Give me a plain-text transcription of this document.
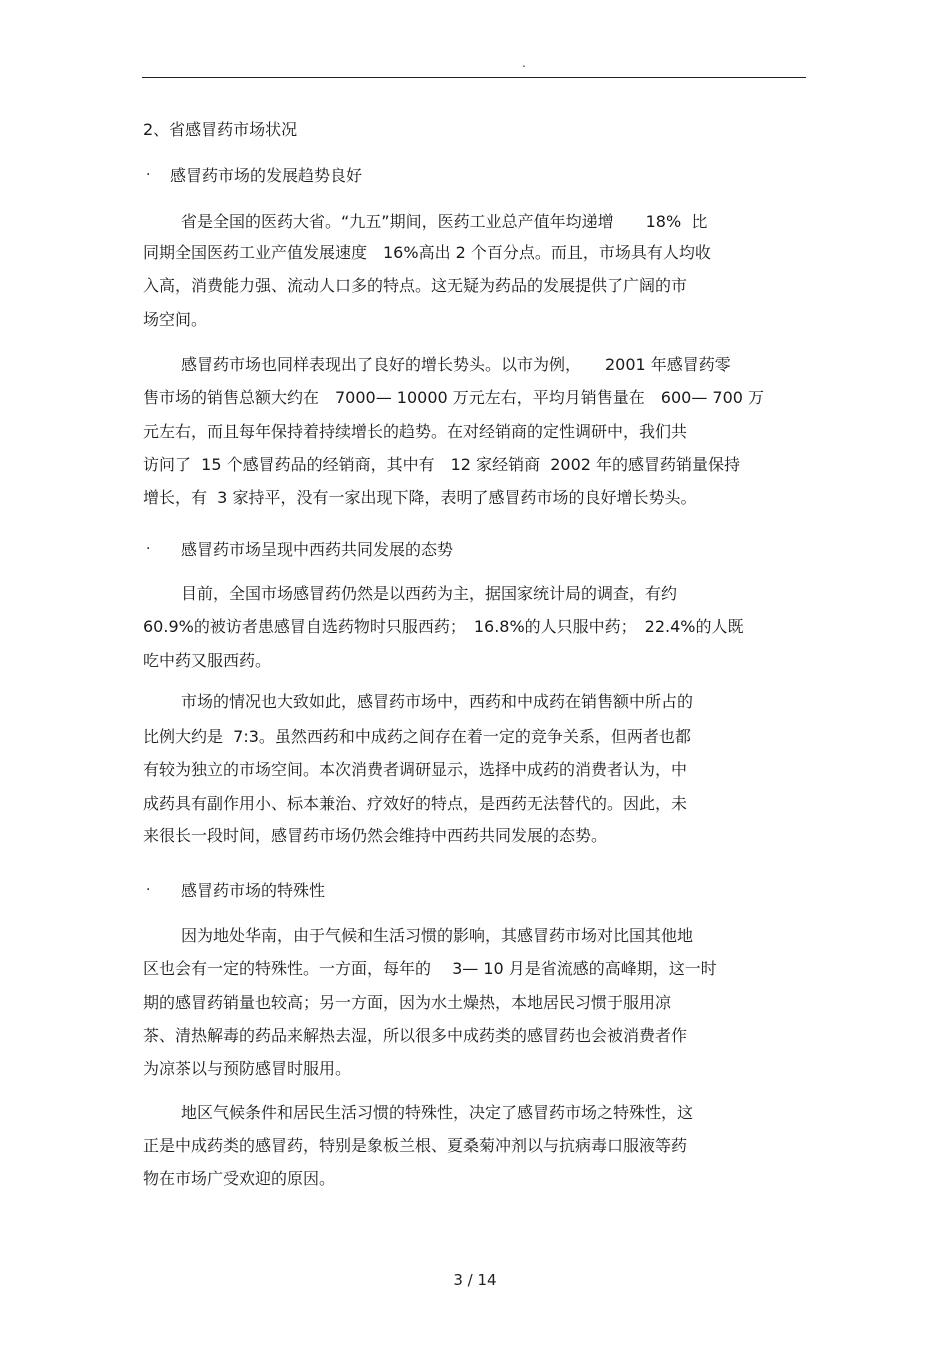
.
2、省感冒药市场状况
· 感冒药市场的发展趋势良好
省是全国的医药大省。“九五”期间，医药工业总产值年均递增　　18%  比
同期全国医药工业产值发展速度　16%高出 2 个百分点。而且，市场具有人均收
入高，消费能力强、流动人口多的特点。这无疑为药品的发展提供了广阔的市
场空间。
感冒药市场也同样表现出了良好的增长势头。以市为例，　　2001 年感冒药零
售市场的销售总额大约在　7000— 10000 万元左右，平均月销售量在　600— 700 万
元左右，而且每年保持着持续增长的趋势。在对经销商的定性调研中，我们共
访问了  15 个感冒药品的经销商，其中有　12 家经销商  2002 年的感冒药销量保持
增长，有  3 家持平，没有一家出现下降，表明了感冒药市场的良好增长势头。
· 感冒药市场呈现中西药共同发展的态势
目前，全国市场感冒药仍然是以西药为主，据国家统计局的调查，有约
60.9%的被访者患感冒自选药物时只服西药；　16.8%的人只服中药；　22.4%的人既
吃中药又服西药。
市场的情况也大致如此，感冒药市场中，西药和中成药在销售额中所占的
比例大约是  7:3。虽然西药和中成药之间存在着一定的竞争关系，但两者也都
有较为独立的市场空间。本次消费者调研显示，选择中成药的消费者认为，中
成药具有副作用小、标本兼治、疗效好的特点，是西药无法替代的。因此，未
来很长一段时间，感冒药市场仍然会维持中西药共同发展的态势。
· 感冒药市场的特殊性
因为地处华南，由于气候和生活习惯的影响，其感冒药市场对比国其他地
区也会有一定的特殊性。一方面，每年的　 3— 10 月是省流感的高峰期，这一时
期的感冒药销量也较高；另一方面，因为水土燥热，本地居民习惯于服用凉
茶、清热解毒的药品来解热去湿，所以很多中成药类的感冒药也会被消费者作
为凉茶以与预防感冒时服用。
地区气候条件和居民生活习惯的特殊性，决定了感冒药市场之特殊性，这
正是中成药类的感冒药，特别是象板兰根、夏桑菊冲剂以与抗病毒口服液等药
物在市场广受欢迎的原因。
3 / 14
